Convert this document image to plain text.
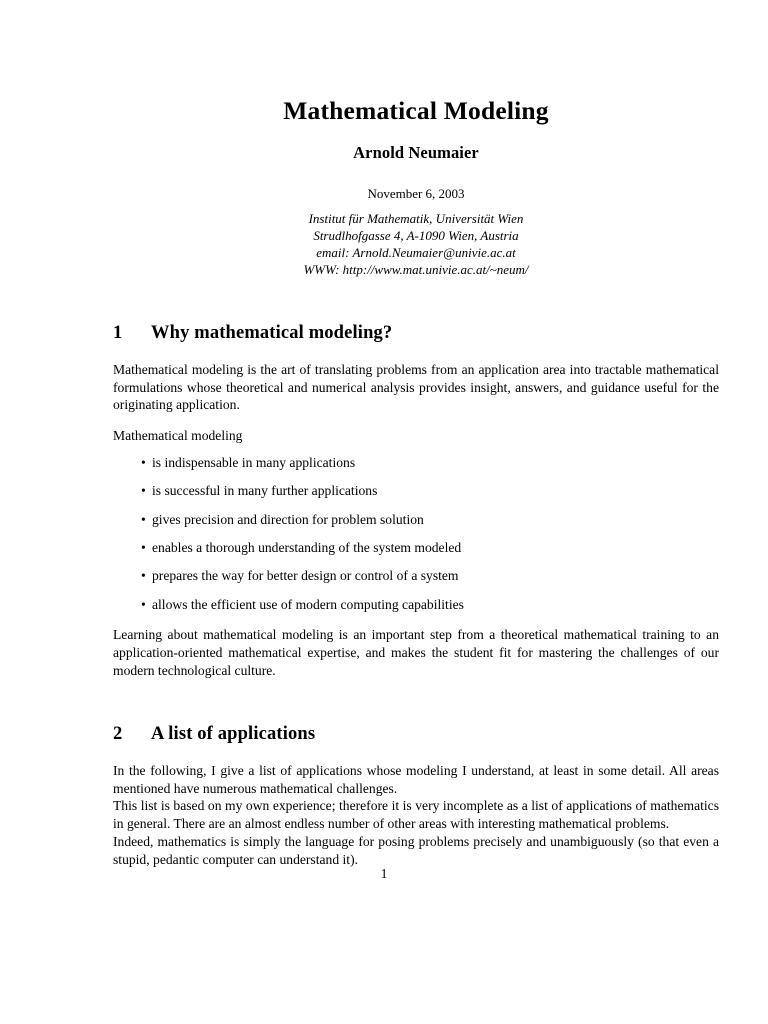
Mathematical Modeling
Arnold Neumaier
November 6, 2003
Institut für Mathematik, Universität Wien
Strudlhofgasse 4, A-1090 Wien, Austria
email: Arnold.Neumaier@univie.ac.at
WWW: http://www.mat.univie.ac.at/~neum/
1	Why mathematical modeling?

Mathematical modeling is the art of translating problems from an application area into tractable mathematical formulations whose theoretical and numerical analysis provides insight, answers, and guidance useful for the originating application.

Mathematical modeling

• is indispensable in many applications
• is successful in many further applications
• gives precision and direction for problem solution
• enables a thorough understanding of the system modeled
• prepares the way for better design or control of a system
• allows the efficient use of modern computing capabilities

Learning about mathematical modeling is an important step from a theoretical mathematical training to an application-oriented mathematical expertise, and makes the student fit for mastering the challenges of our modern technological culture.

2	A list of applications

In the following, I give a list of applications whose modeling I understand, at least in some detail. All areas mentioned have numerous mathematical challenges.

This list is based on my own experience; therefore it is very incomplete as a list of applications of mathematics in general. There are an almost endless number of other areas with interesting mathematical problems.

Indeed, mathematics is simply the language for posing problems precisely and unambiguously (so that even a stupid, pedantic computer can understand it).

1
